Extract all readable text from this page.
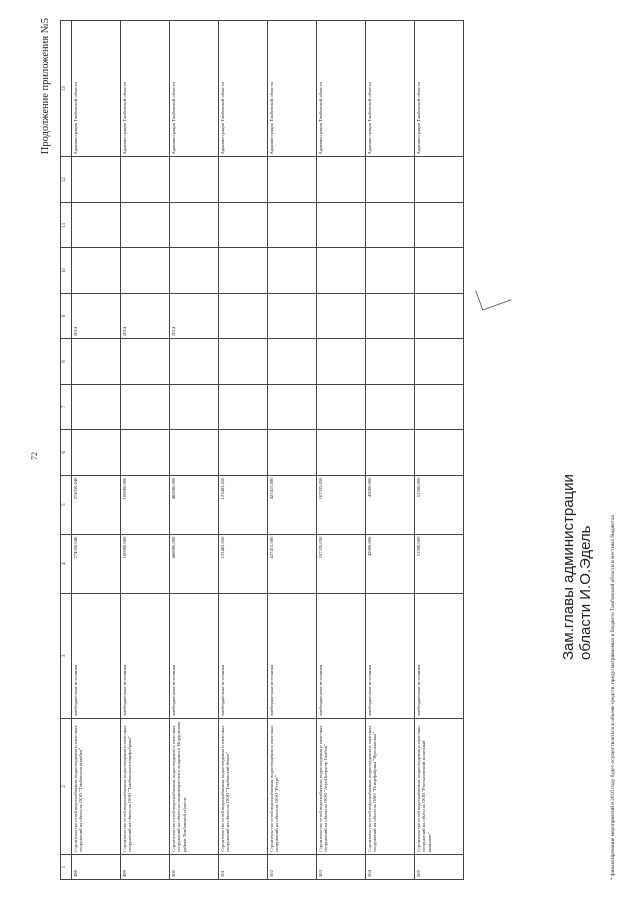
Продолжение приложения №5
72
1	2	3	4	5	6	7	8	9	10	11	12	13
498	Строительство сетей водоснабжения, водоотведения и очистных сооружений на объектах ООО "Тамбовская индейка"	внебюджетные источники	274350,040	274350,040				2014				Администрация Тамбовской области
499	Строительство сетей водоснабжения, водоотведения и очистных сооружений на объектах ООО "Тамбовская птицефабрика"	внебюджетные источники	100000,000	100000,000				2014				Администрация Тамбовской области
500	Строительство сетей водоснабжения, водоотведения и очистных сооружений на объектах свиноводческого холдинга в Мордовском районе Тамбовской области	внебюджетные источники	486986,000	486986,000				2014				Администрация Тамбовской области
501	Строительство сетей водоснабжения, водоотведения и очистных сооружений на объектах ООО "Тамбовский бекон"	внебюджетные источники	123483,650	123483,650								Администрация Тамбовской области
502	Строительство сетей водоснабжения, водоотведения и очистных сооружений на объектах ООО "Ресурс"	внебюджетные источники	427415,080	427415,080								Администрация Тамбовской области
503	Строительство сетей водоснабжения, водоотведения и очистных сооружений на объектах ООО "АгроОператор Тамбов"	внебюджетные источники	107335,050	107335,050								Администрация Тамбовской области
504	Строительство сетей водоснабжения, водоотведения и очистных сооружений на объектах ОАО "Птицефабрика "Ярославская"	внебюджетные источники	42000,000	42000,000								Администрация Тамбовской области
505	Строительство сетей водоснабжения, водоотведения и очистных сооружений на объектах ООО "Рассказовский молочный комплекс"	внебюджетные источники	51500,000	51500,000								Администрация Тамбовской области
* финансирование мероприятий в 2016 году будет осуществляться в объеме средств, предусматриваемых в бюджете Тамбовской области и местных бюджетах
Зам.главы администрации области И.О.Эдель
